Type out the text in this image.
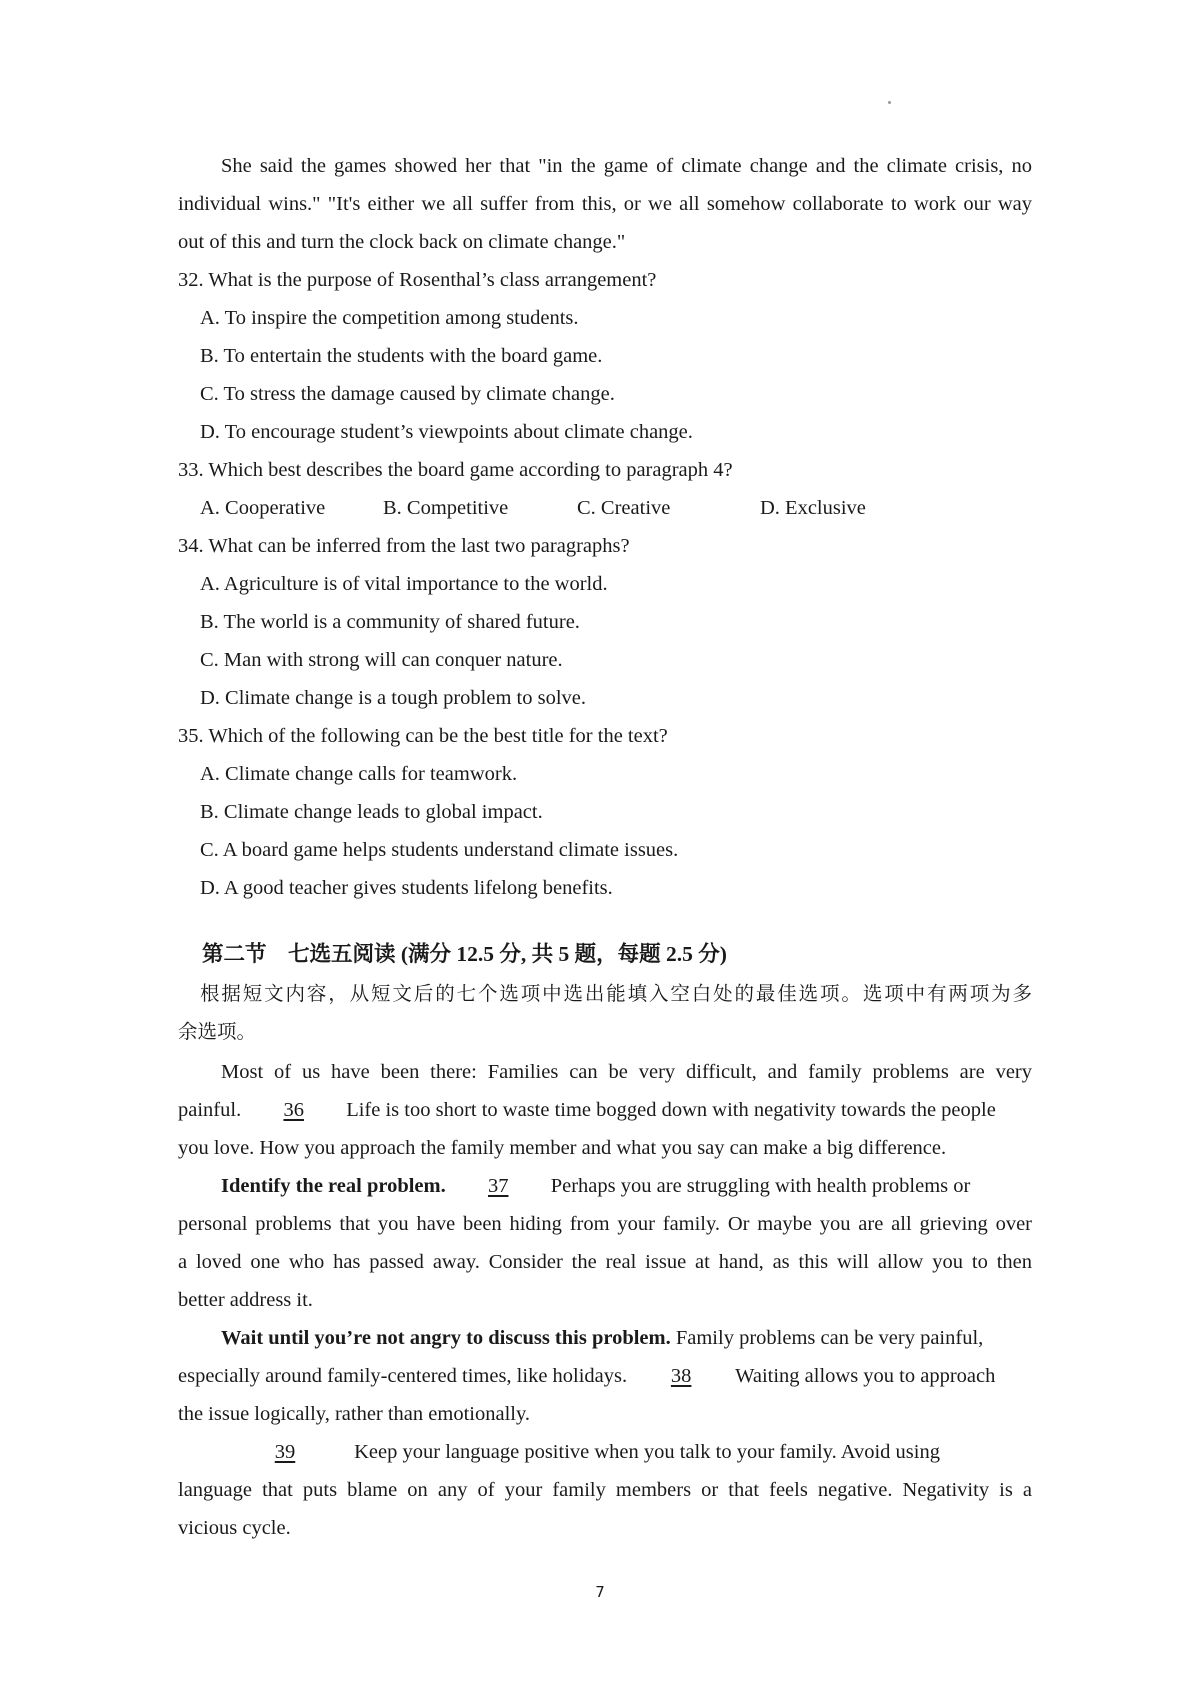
She said the games showed her that "in the game of climate change and the climate crisis, no
individual wins." "It's either we all suffer from this, or we all somehow collaborate to work our way
out of this and turn the clock back on climate change."
32. What is the purpose of Rosenthal’s class arrangement?
A. To inspire the competition among students.
B. To entertain the students with the board game.
C. To stress the damage caused by climate change.
D. To encourage student’s viewpoints about climate change.
33. Which best describes the board game according to paragraph 4?
A. Cooperative	B. Competitive	C. Creative	D. Exclusive
34. What can be inferred from the last two paragraphs?
A. Agriculture is of vital importance to the world.
B. The world is a community of shared future.
C. Man with strong will can conquer nature.
D. Climate change is a tough problem to solve.
35. Which of the following can be the best title for the text?
A. Climate change calls for teamwork.
B. Climate change leads to global impact.
C. A board game helps students understand climate issues.
D. A good teacher gives students lifelong benefits.
第二节　七选五阅读 (满分 12.5 分, 共 5 题，每题 2.5 分)
根据短文内容，从短文后的七个选项中选出能填入空白处的最佳选项。选项中有两项为多
余选项。
Most of us have been there: Families can be very difficult, and family problems are very
painful. 36 Life is too short to waste time bogged down with negativity towards the people
you love. How you approach the family member and what you say can make a big difference.
Identify the real problem. 37 Perhaps you are struggling with health problems or
personal problems that you have been hiding from your family. Or maybe you are all grieving over
a loved one who has passed away. Consider the real issue at hand, as this will allow you to then
better address it.
Wait until you’re not angry to discuss this problem. Family problems can be very painful,
especially around family-centered times, like holidays. 38 Waiting allows you to approach
the issue logically, rather than emotionally.
39	Keep your language positive when you talk to your family. Avoid using
language that puts blame on any of your family members or that feels negative. Negativity is a
vicious cycle.
7
